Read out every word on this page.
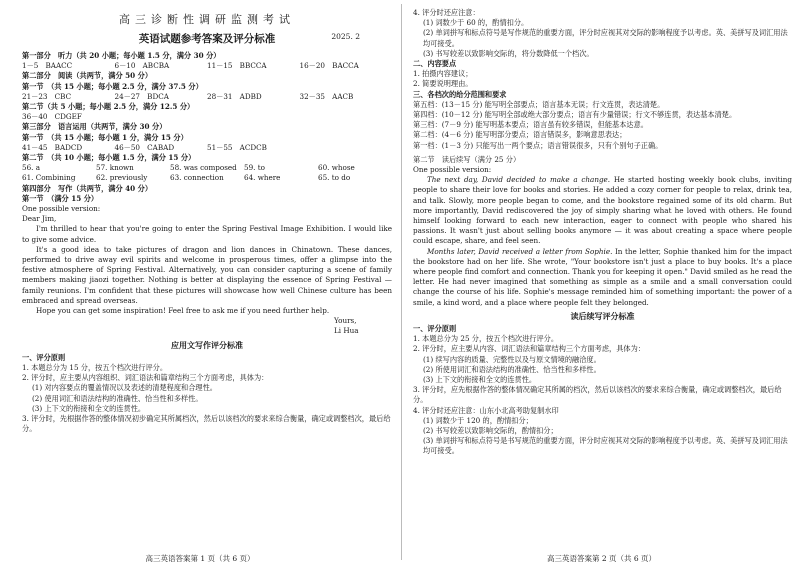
高三诊断性调研监测考试
英语试题参考答案及评分标准	2025. 2

第一部分　听力（共 20 小题；每小题 1.5 分，满分 30 分）

1－5　BAACC	6－10　ABCBA	11－15　BBCCA	16－20　BACCA

第二部分　阅读（共两节，满分 50 分）

第一节　（共 15 小题；每小题 2.5 分，满分 37.5 分）

21－23　CBC	24－27　BDCA	28－31　ADBD	32－35　AACB

第二节（共 5 小题；每小题 2.5 分，满分 12.5 分）

36－40　CDGEF

第三部分　语言运用（共两节，满分 30 分）

第一节　（共 15 小题；每小题 1 分，满分 15 分）

41－45　BADCD	46－50　CABAD	51－55　ACDCB

第二节　（共 10 小题；每小题 1.5 分，满分 15 分）

56. a	57. known	58. was composed	59. to	60. whose
61. Combining	62. previously	63. connection	64. where	65. to do

第四部分　写作（共两节，满分 40 分）

第一节　（满分 15 分）

One possible version:

Dear Jim,

I'm thrilled to hear that you're going to enter the Spring Festival Image Exhibition. I would like to give some advice.

It's a good idea to take pictures of dragon and lion dances in Chinatown. These dances, performed to drive away evil spirits and welcome in prosperous times, offer a glimpse into the festive atmosphere of Spring Festival. Alternatively, you can consider capturing a scene of family members making jiaozi together. Nothing is better at displaying the essence of Spring Festival — family reunions. I'm confident that these pictures will showcase how well Chinese culture has been embraced and spread overseas.

Hope you can get some inspiration! Feel free to ask me if you need further help.

Yours,

Li Hua

应用文写作评分标准

一、评分原则

1. 本题总分为 15 分，按五个档次进行评分。

2. 评分时，应主要从内容组织、词汇语法和篇章结构三个方面考虑，具体为：

(1) 对内容要点的覆盖情况以及表述的清楚程度和合理性。

(2) 使用词汇和语法结构的准确性、恰当性和多样性。

(3) 上下文的衔接和全文的连贯性。

3. 评分时，先根据作答的整体情况初步确定其所属档次，然后以该档次的要求来综合衡量，确定或调整档次，最后给分。

高三英语答案第 1 页（共 6 页）

4. 评分时还应注意：

(1) 词数少于 60 的，酌情扣分。

(2) 单词拼写和标点符号是写作规范的重要方面，评分时应视其对交际的影响程度予以考虑。英、美拼写及词汇用法均可接受。

(3) 书写较差以致影响交际的，将分数降低一个档次。

二、内容要点

1. 拍摄内容建议；

2. 简要说明理由。

三、各档次的给分范围和要求

第五档：(13－15 分) 能写明全部要点；语言基本无误；行文连贯，表达清楚。

第四档：(10－12 分) 能写明全部或绝大部分要点；语言有少量错误；行文不够连贯，表达基本清楚。

第三档：(7－9 分) 能写明基本要点；语言虽有较多错误，但能基本达意。

第二档：(4－6 分) 能写明部分要点；语言错误多，影响意思表达；

第一档：(1－3 分) 只能写出一两个要点；语言错误很多，只有个别句子正确。

第二节　读后续写（满分 25 分）

One possible version:

The next day, David decided to make a change. He started hosting weekly book clubs, inviting people to share their love for books and stories. He added a cozy corner for people to relax, drink tea, and talk. Slowly, more people began to come, and the bookstore regained some of its old charm. But more importantly, David rediscovered the joy of simply sharing what he loved with others. He found himself looking forward to each new interaction, eager to connect with people who shared his passions. It wasn't just about selling books anymore — it was about creating a space where people could escape, share, and feel seen.

Months later, David received a letter from Sophie. In the letter, Sophie thanked him for the impact the bookstore had on her life. She wrote, "Your bookstore isn't just a place to buy books. It's a place where people find comfort and connection. Thank you for keeping it open." David smiled as he read the letter. He had never imagined that something as simple as a smile and a small conversation could change the course of his life. Sophie's message reminded him of something important: the power of a smile, a kind word, and a place where people felt they belonged.

读后续写评分标准

一、评分原则

1. 本题总分为 25 分，按五个档次进行评分。

2. 评分时，应主要从内容、词汇语法和篇章结构三个方面考虑，具体为：

(1) 续写内容的质量、完整性以及与原文情境的融洽度。

(2) 所使用词汇和语法结构的准确性、恰当性和多样性。

(3) 上下文的衔接和全文的连贯性。

3. 评分时，应先根据作答的整体情况确定其所属的档次，然后以该档次的要求来综合衡量，确定或调整档次，最后给分。

4. 评分时还应注意：山东小北高考助复制水印

(1) 词数少于 120 的，酌情扣分；

(2) 书写较差以致影响交际的，酌情扣分；

(3) 单词拼写和标点符号是书写规范的重要方面，评分时应视其对交际的影响程度予以考虑。英、美拼写及词汇用法均可接受。

高三英语答案第 2 页（共 6 页）
